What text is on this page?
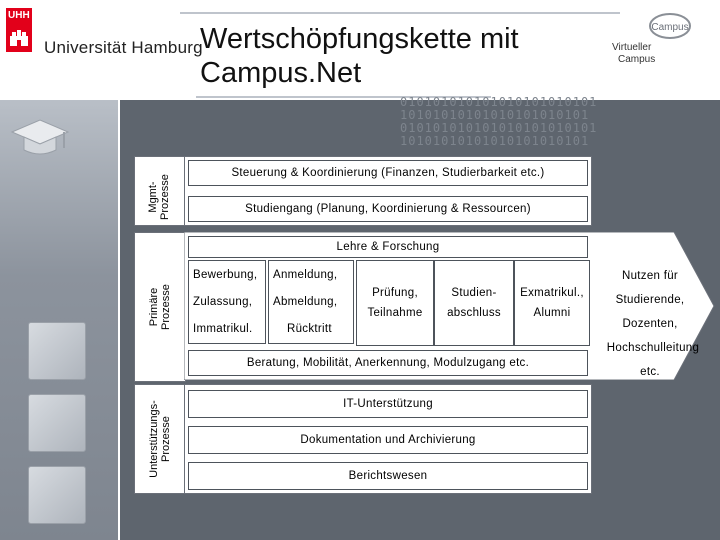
UHH
Universität Hamburg
Wertschöpfungskette mit
Campus.Net
Campus
Virtueller
Campus
010101010101010101010101
10101010101010101010101
010101010101010101010101
10101010101010101010101
Mgmt-
Prozesse
Steuerung & Koordinierung (Finanzen, Studierbarkeit etc.)
Studiengang (Planung, Koordinierung & Ressourcen)
Primäre
Prozesse
Lehre & Forschung
Bewerbung,
Zulassung,
Immatrikul.
Anmeldung,
Abmeldung,
Rücktritt
Prüfung,
Teilnahme
Studien-
abschluss
Exmatrikul.,
Alumni
Beratung, Mobilität, Anerkennung, Modulzugang etc.
Nutzen für
Studierende,
Dozenten,
Hochschulleitung
etc.
Unterstützungs-
Prozesse
IT-Unterstützung
Dokumentation und Archivierung
Berichtswesen
